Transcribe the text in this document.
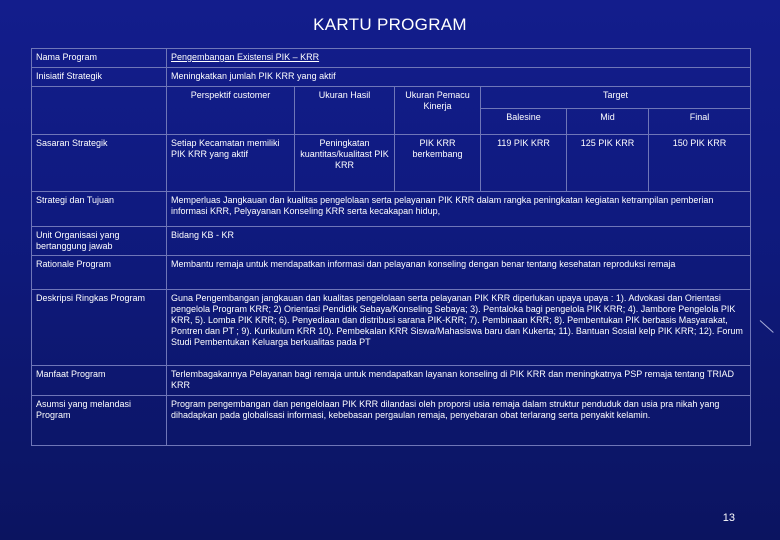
KARTU PROGRAM
Nama Program	Pengembangan Existensi PIK – KRR					
Inisiatif Strategik	Meningkatkan jumlah PIK KRR yang aktif					
	Perspektif customer	Ukuran Hasil	Ukuran Pemacu Kinerja	Target		
				Balesine	Mid	Final
Sasaran Strategik	Setiap Kecamatan memiliki PIK KRR yang aktif	Peningkatan kuantitas/kualitast PIK KRR	PIK KRR berkembang	119 PIK KRR	125 PIK KRR	150 PIK KRR
Strategi dan Tujuan	Memperluas Jangkauan dan kualitas pengelolaan serta pelayanan PIK KRR dalam rangka peningkatan kegiatan ketrampilan pemberian informasi KRR, Pelyayanan Konseling KRR serta kecakapan hidup,					
Unit Organisasi yang bertanggung jawab	Bidang KB - KR					
Rationale Program	Membantu remaja untuk mendapatkan informasi dan pelayanan konseling dengan benar tentang kesehatan reproduksi remaja					
Deskripsi Ringkas Program	Guna Pengembangan jangkauan dan kualitas pengelolaan serta pelayanan PIK KRR diperlukan upaya upaya : 1). Advokasi dan Orientasi pengelola Program KRR; 2) Orientasi Pendidik Sebaya/Konseling Sebaya; 3). Pentaloka bagi pengelola PIK KRR; 4). Jambore Pengelola PIK KRR, 5). Lomba PIK KRR; 6). Penyediaan dan distribusi sarana PIK-KRR; 7). Pembinaan KRR; 8). Pembentukan PIK berbasis Masyarakat, Pontren dan PT ; 9). Kurikulum KRR 10). Pembekalan KRR Siswa/Mahasiswa baru dan Kukerta; 11). Bantuan Sosial kelp PIK KRR; 12). Forum Studi Pembentukan Keluarga berkualitas pada PT					
Manfaat Program	Terlembagakannya Pelayanan bagi remaja untuk mendapatkan layanan konseling di PIK KRR dan meningkatnya PSP remaja tentang TRIAD KRR					
Asumsi yang melandasi Program	Program pengembangan dan pengelolaan PIK KRR dilandasi oleh proporsi usia remaja dalam struktur penduduk dan usia pra nikah yang dihadapkan pada globalisasi informasi, kebebasan pergaulan remaja, penyebaran obat terlarang serta penyakit kelamin.					
13
